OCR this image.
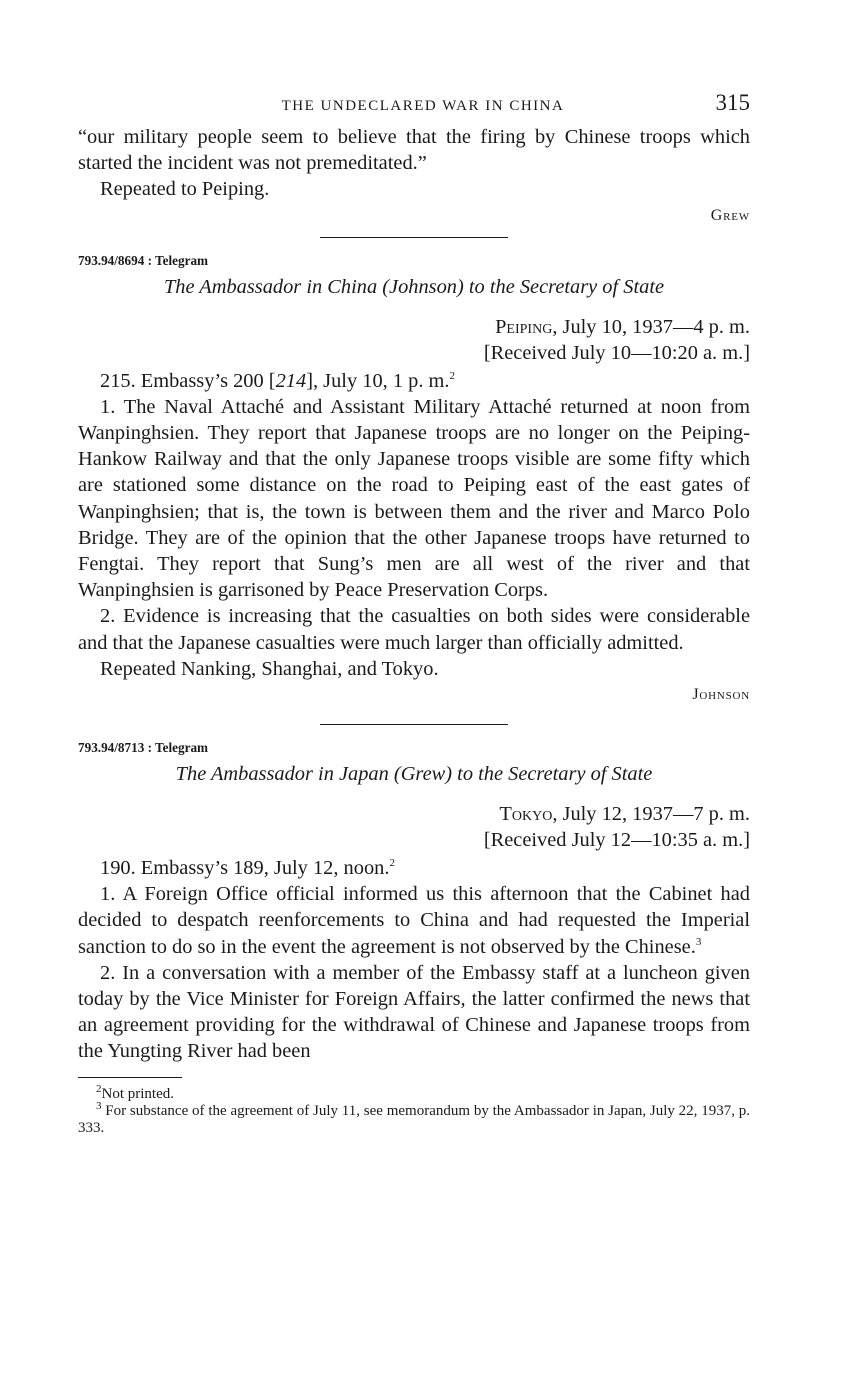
THE UNDECLARED WAR IN CHINA	315

“our military people seem to believe that the firing by Chinese troops which started the incident was not premeditated.”

Repeated to Peiping.

Grew
793.94/8694 : Telegram
The Ambassador in China (Johnson) to the Secretary of State
Peiping, July 10, 1937—4 p. m.
[Received July 10—10:20 a. m.]

215. Embassy’s 200 [214], July 10, 1 p. m.$^2$

1. The Naval Attaché and Assistant Military Attaché returned at noon from Wanpinghsien. They report that Japanese troops are no longer on the Peiping-Hankow Railway and that the only Japanese troops visible are some fifty which are stationed some distance on the road to Peiping east of the east gates of Wanpinghsien; that is, the town is between them and the river and Marco Polo Bridge. They are of the opinion that the other Japanese troops have returned to Fengtai. They report that Sung’s men are all west of the river and that Wanpinghsien is garrisoned by Peace Preservation Corps.

2. Evidence is increasing that the casualties on both sides were considerable and that the Japanese casualties were much larger than officially admitted.

Repeated Nanking, Shanghai, and Tokyo.

Johnson
793.94/8713 : Telegram
The Ambassador in Japan (Grew) to the Secretary of State
Tokyo, July 12, 1937—7 p. m.
[Received July 12—10:35 a. m.]

190. Embassy’s 189, July 12, noon.$^2$

1. A Foreign Office official informed us this afternoon that the Cabinet had decided to despatch reenforcements to China and had requested the Imperial sanction to do so in the event the agreement is not observed by the Chinese.$^3$

2. In a conversation with a member of the Embassy staff at a luncheon given today by the Vice Minister for Foreign Affairs, the latter confirmed the news that an agreement providing for the withdrawal of Chinese and Japanese troops from the Yungting River had been

$^2$Not printed.
$^3$ For substance of the agreement of July 11, see memorandum by the Ambassador in Japan, July 22, 1937, p. 333.
